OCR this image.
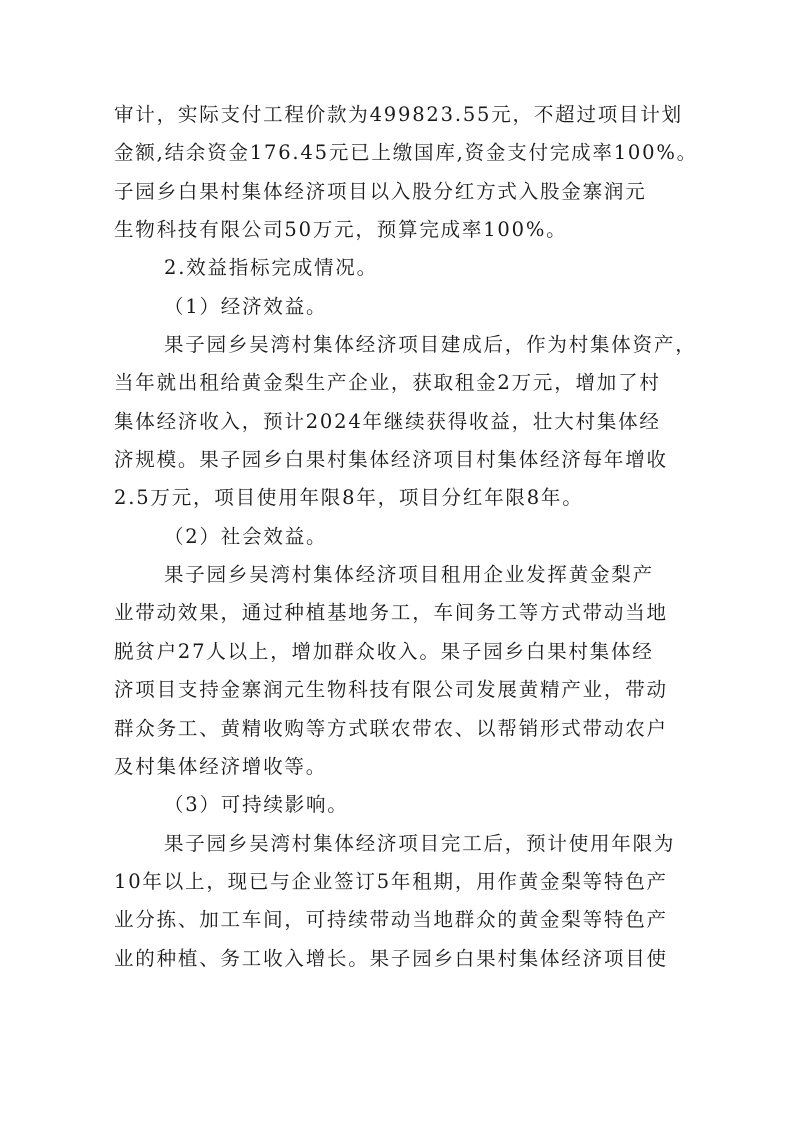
审计，实际支付工程价款为499823.55元，不超过项目计划
金额,结余资金176.45元已上缴国库,资金支付完成率100%。
子园乡白果村集体经济项目以入股分红方式入股金寨润元
生物科技有限公司50万元，预算完成率100%。
2.效益指标完成情况。
（1）经济效益。
果子园乡吴湾村集体经济项目建成后，作为村集体资产，
当年就出租给黄金梨生产企业，获取租金2万元，增加了村
集体经济收入，预计2024年继续获得收益，壮大村集体经
济规模。果子园乡白果村集体经济项目村集体经济每年增收
2.5万元，项目使用年限8年，项目分红年限8年。
（2）社会效益。
果子园乡吴湾村集体经济项目租用企业发挥黄金梨产
业带动效果，通过种植基地务工，车间务工等方式带动当地
脱贫户27人以上，增加群众收入。果子园乡白果村集体经
济项目支持金寨润元生物科技有限公司发展黄精产业，带动
群众务工、黄精收购等方式联农带农、以帮销形式带动农户
及村集体经济增收等。
（3）可持续影响。
果子园乡吴湾村集体经济项目完工后，预计使用年限为
10年以上，现已与企业签订5年租期，用作黄金梨等特色产
业分拣、加工车间，可持续带动当地群众的黄金梨等特色产
业的种植、务工收入增长。果子园乡白果村集体经济项目使
